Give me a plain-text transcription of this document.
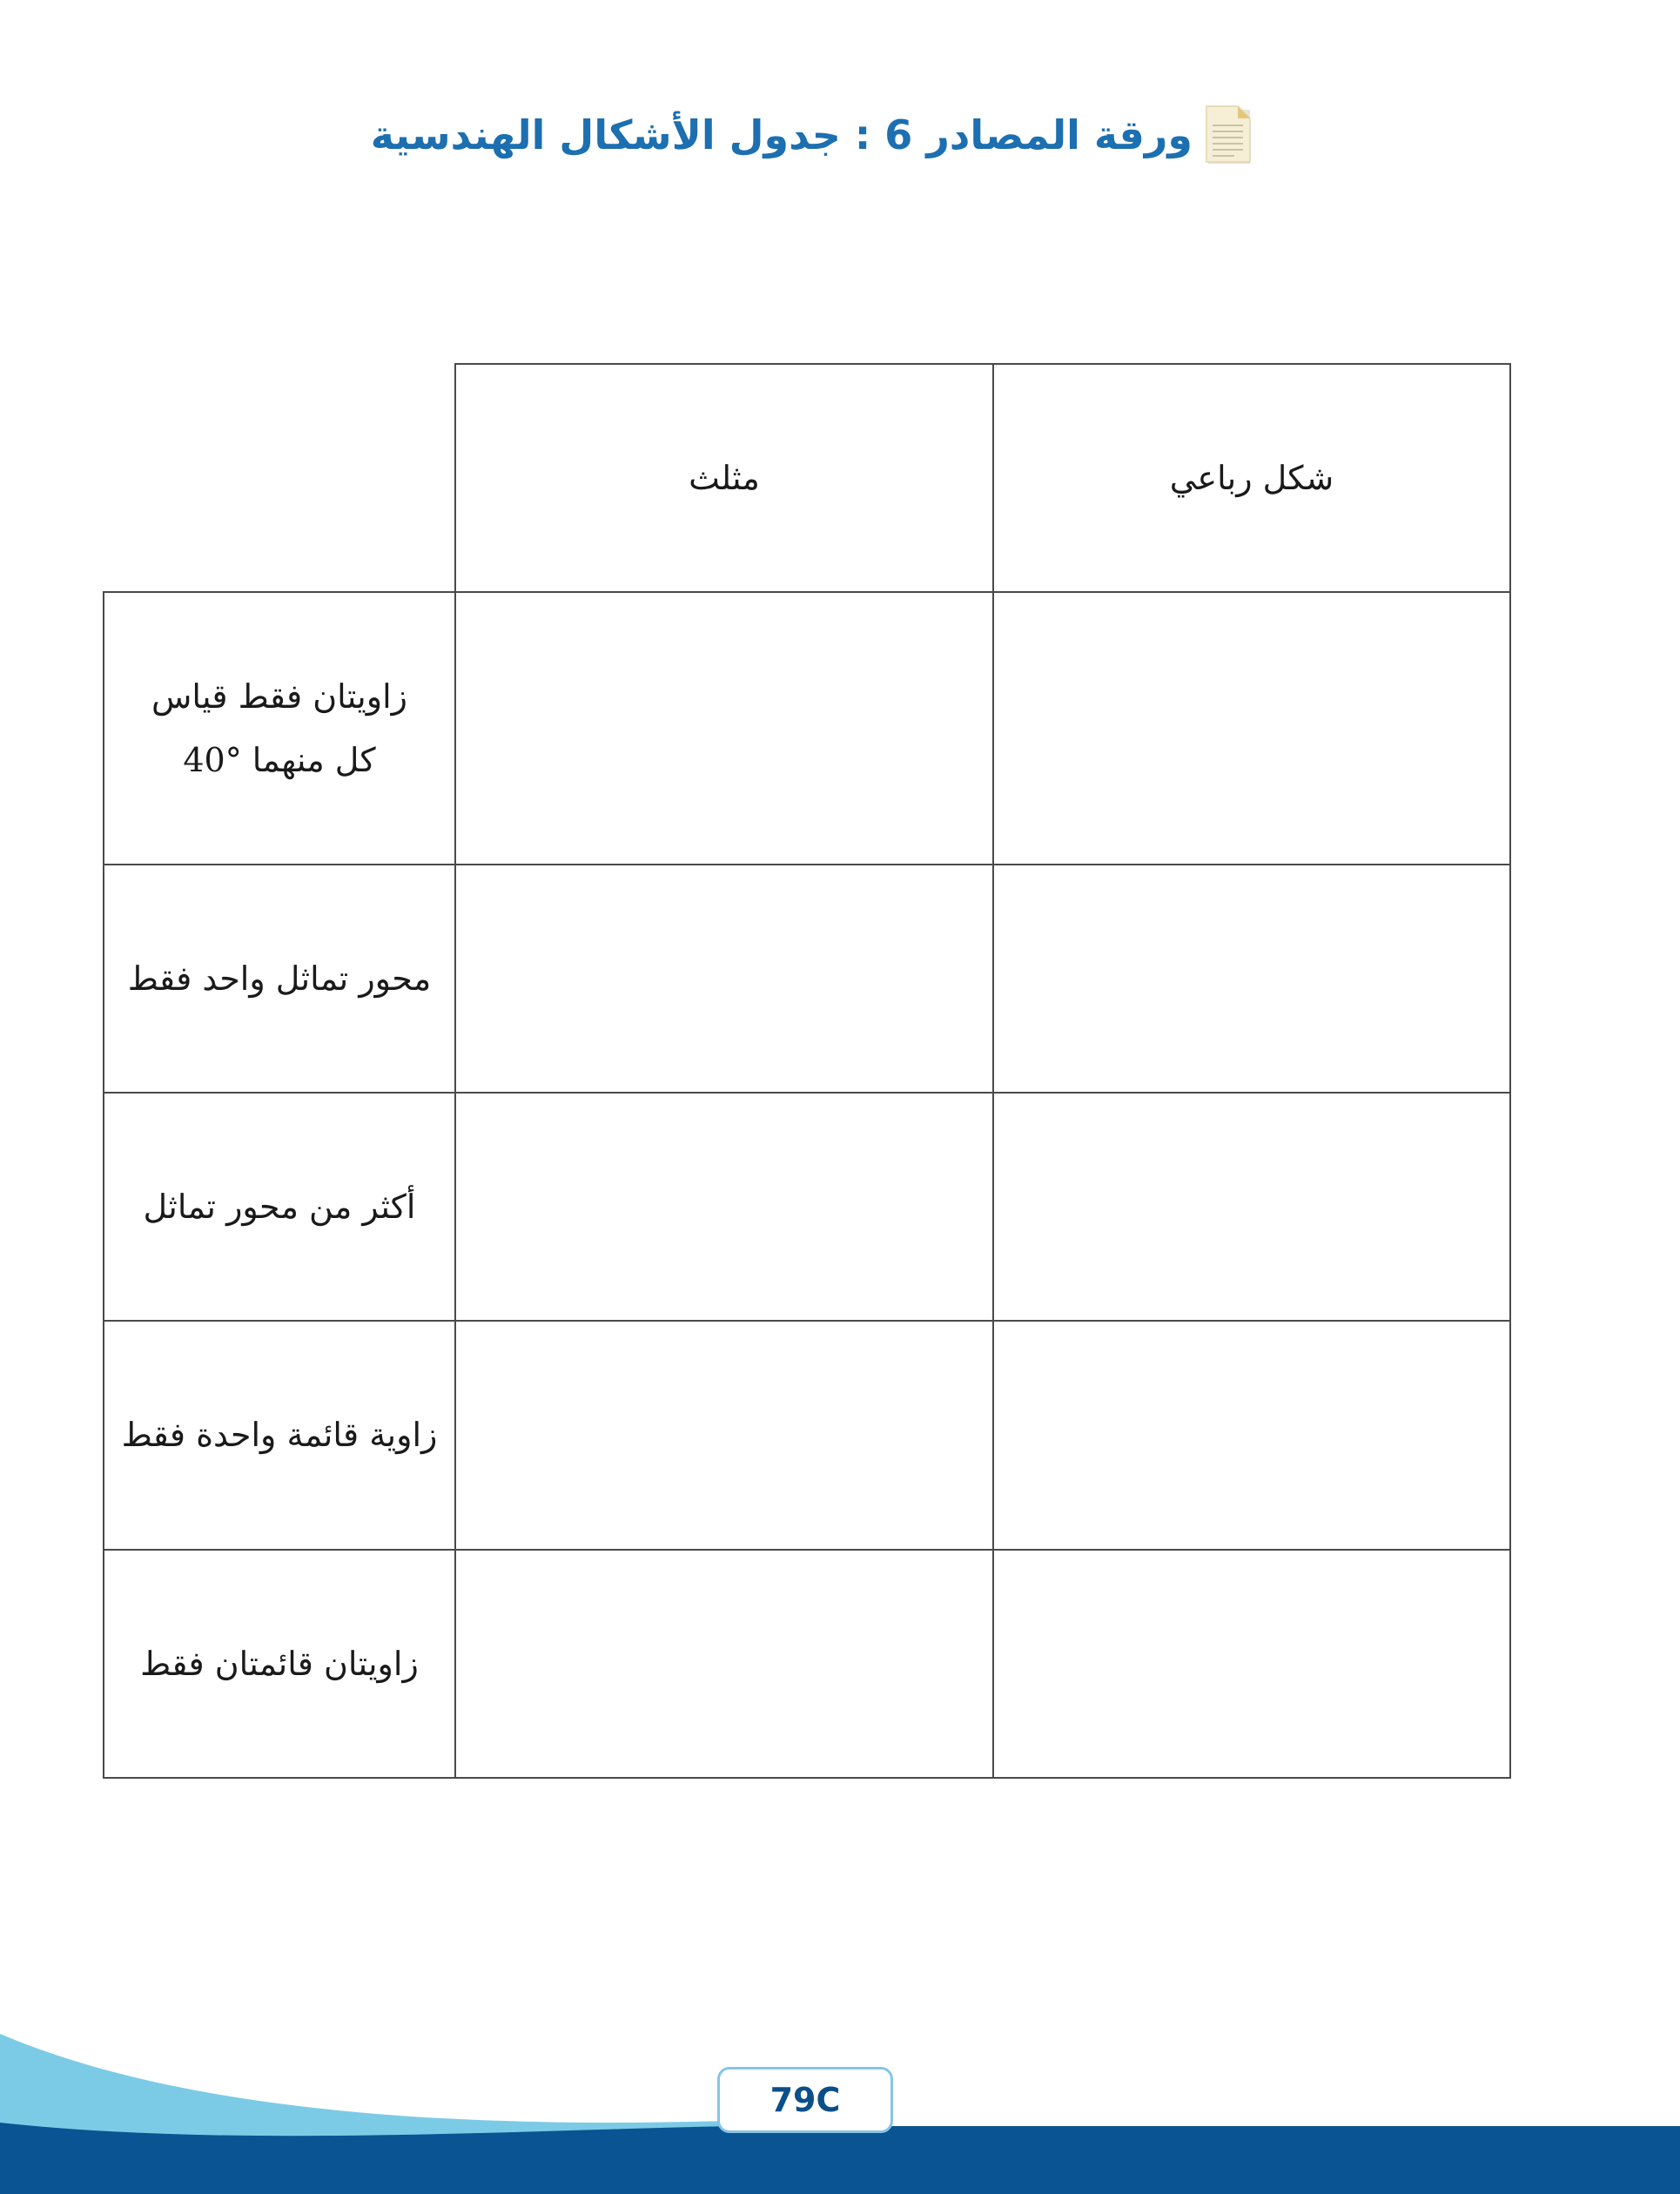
ورقة المصادر 6 : جدول الأشكال الهندسية
	مثلث	شكل رباعي

زاويتان فقط قياس
كل منهما °40		

محور تماثل واحد فقط		
أكثر من محور تماثل		
زاوية قائمة واحدة فقط		
زاويتان قائمتان فقط		
79C
